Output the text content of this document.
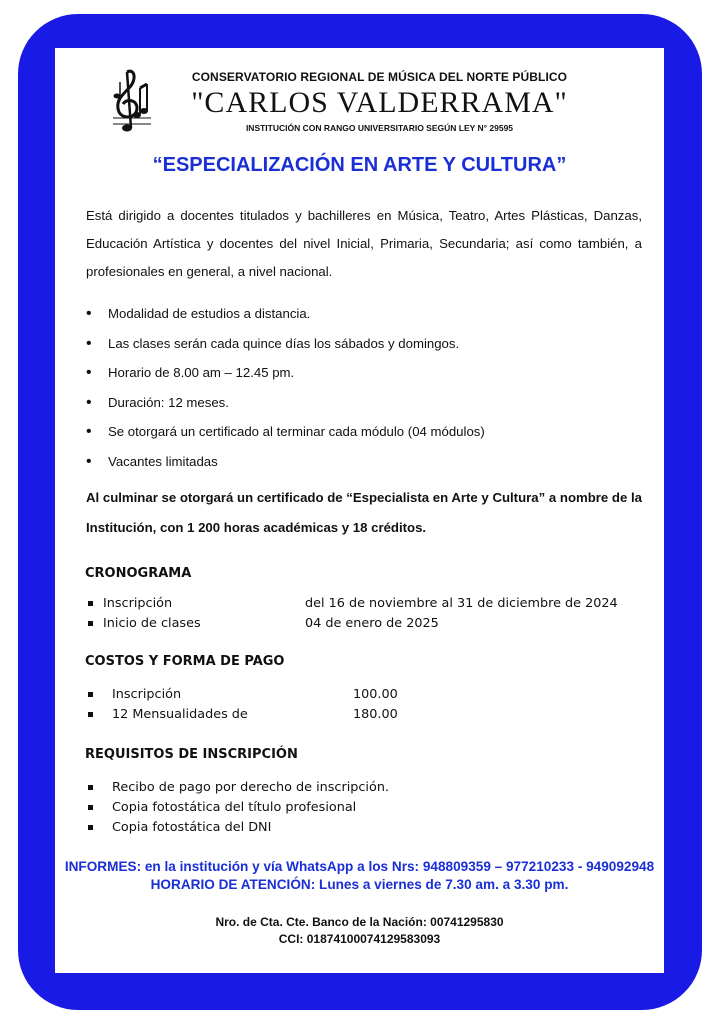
CONSERVATORIO REGIONAL DE MÚSICA DEL NORTE PÚBLICO
"CARLOS VALDERRAMA"
INSTITUCIÓN CON RANGO UNIVERSITARIO SEGÚN LEY N° 29595
“ESPECIALIZACIÓN EN ARTE Y CULTURA”
Está dirigido a docentes titulados y bachilleres en Música, Teatro, Artes Plásticas, Danzas, Educación Artística y docentes del nivel Inicial, Primaria, Secundaria; así como también, a profesionales en general, a nivel nacional.
• Modalidad de estudios a distancia.
• Las clases serán cada quince días los sábados y domingos.
• Horario de 8.00 am – 12.45 pm.
• Duración: 12 meses.
• Se otorgará un certificado al terminar cada módulo (04 módulos)
• Vacantes limitadas
Al culminar se otorgará un certificado de “Especialista en Arte y Cultura” a nombre de la Institución, con 1 200 horas académicas y 18 créditos.
CRONOGRAMA
Inscripción	del 16 de noviembre al 31 de diciembre de 2024
Inicio de clases	04 de enero de 2025
COSTOS Y FORMA DE PAGO
Inscripción	100.00
12 Mensualidades de	180.00
REQUISITOS DE INSCRIPCIÓN
Recibo de pago por derecho de inscripción.
Copia fotostática del título profesional
Copia fotostática del DNI
INFORMES: en la institución y vía WhatsApp a los Nrs: 948809359 – 977210233 - 949092948
HORARIO DE ATENCIÓN: Lunes a viernes de 7.30 am. a 3.30 pm.
Nro. de Cta. Cte. Banco de la Nación: 00741295830
CCI: 01874100074129583093
